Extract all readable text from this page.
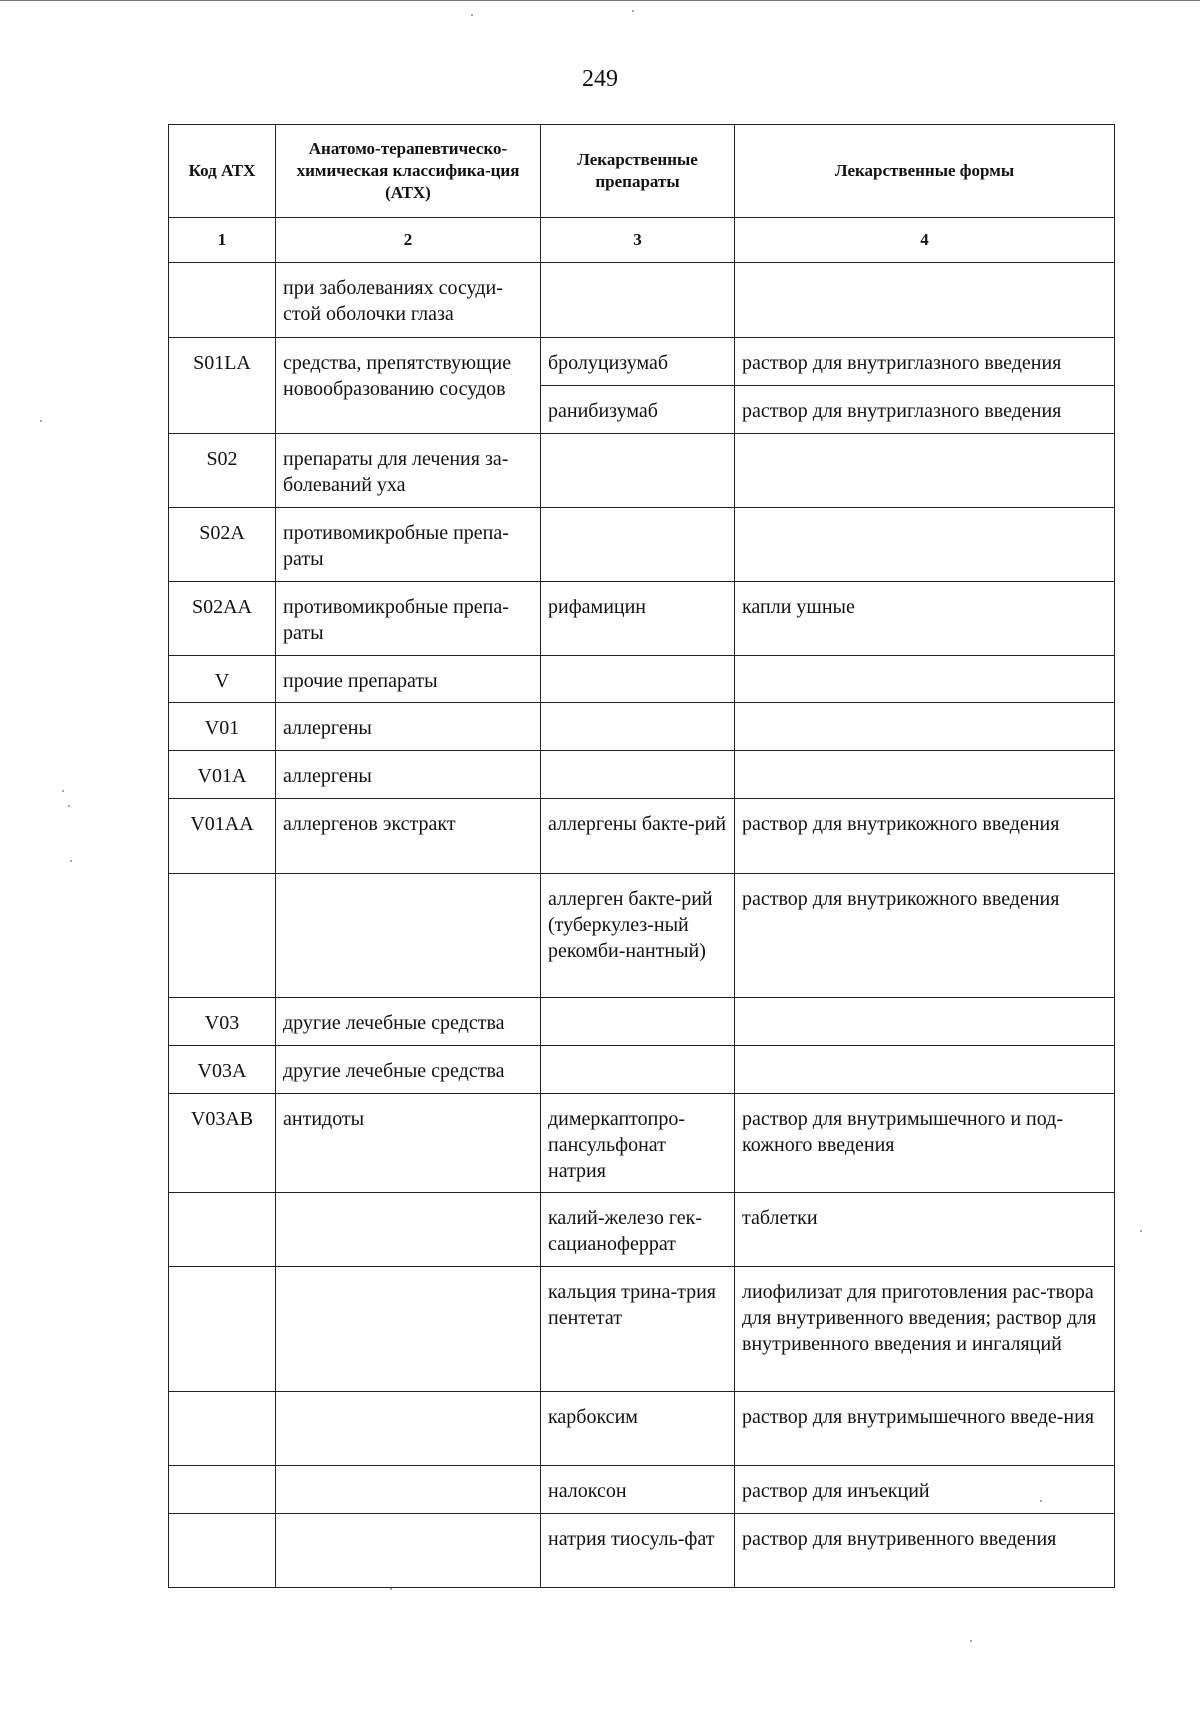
249
Код АТХ	Анатомо-терапевтическо-химическая классифика-ция (АТХ)	Лекарственные препараты	Лекарственные формы
1	2	3	4
	при заболеваниях сосуди-стой оболочки глаза		
S01LA	средства, препятствующие новообразованию сосудов	бролуцизумаб	раствор для внутриглазного введения
		ранибизумаб	раствор для внутриглазного введения
S02	препараты для лечения за-болеваний уха		
S02A	противомикробные препа-раты		
S02AA	противомикробные препа-раты	рифамицин	капли ушные
V	прочие препараты		
V01	аллергены		
V01A	аллергены		
V01AA	аллергенов экстракт	аллергены бакте-рий	раствор для внутрикожного введения
		аллерген бакте-рий (туберкулез-ный рекомби-нантный)	раствор для внутрикожного введения
V03	другие лечебные средства		
V03A	другие лечебные средства		
V03AB	антидоты	димеркаптопро-пансульфонат натрия	раствор для внутримышечного и под-кожного введения
		калий-железо гек-сацианоферрат	таблетки
		кальция трина-трия пентетат	лиофилизат для приготовления рас-твора для внутривенного введения; раствор для внутривенного введения и ингаляций
		карбоксим	раствор для внутримышечного введе-ния
		налоксон	раствор для инъекций
		натрия тиосуль-фат	раствор для внутривенного введения
